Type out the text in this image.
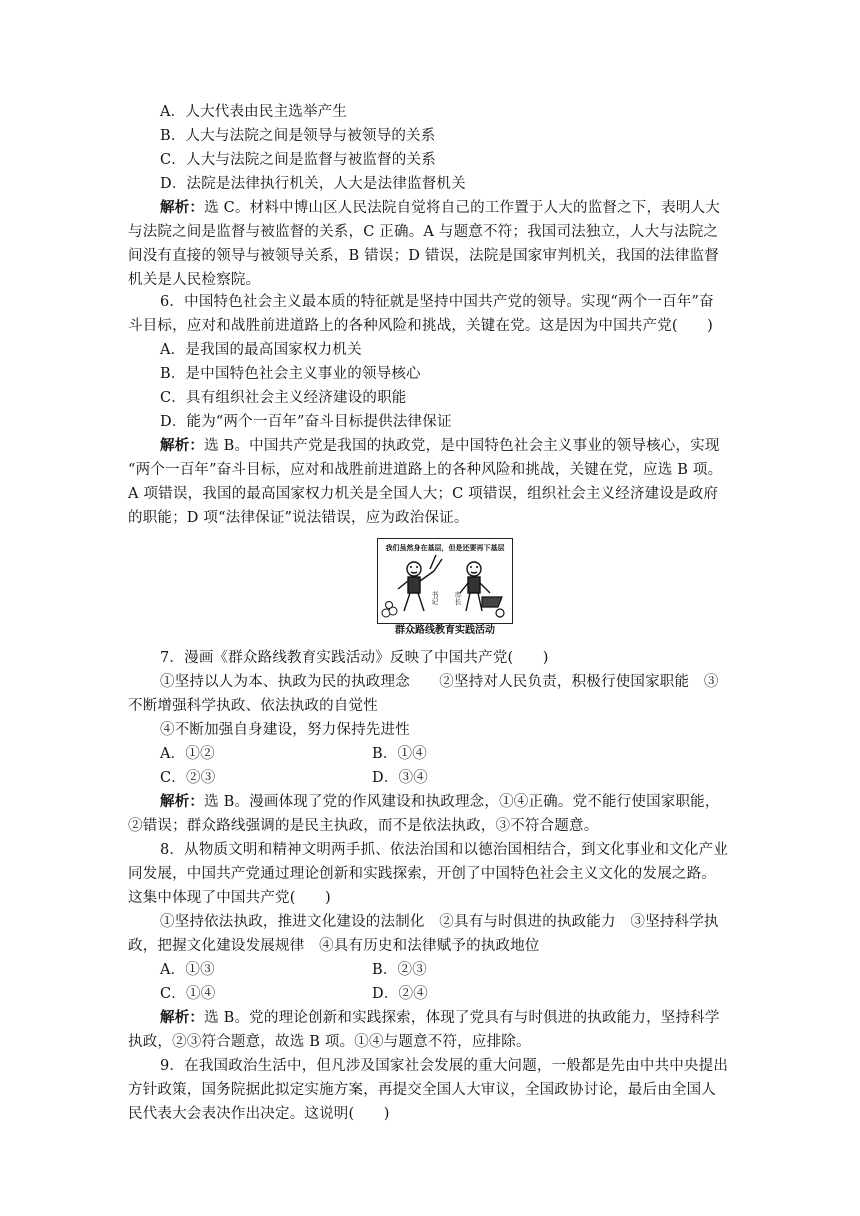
A．人大代表由民主选举产生
B．人大与法院之间是领导与被领导的关系
C．人大与法院之间是监督与被监督的关系
D．法院是法律执行机关，人大是法律监督机关
解析：选 C。材料中博山区人民法院自觉将自己的工作置于人大的监督之下，表明人大
与法院之间是监督与被监督的关系，C 正确。A 与题意不符；我国司法独立，人大与法院之
间没有直接的领导与被领导关系，B 错误；D 错误，法院是国家审判机关，我国的法律监督
机关是人民检察院。
6．中国特色社会主义最本质的特征就是坚持中国共产党的领导。实现“两个一百年”奋
斗目标，应对和战胜前进道路上的各种风险和挑战，关键在党。这是因为中国共产党(　　)
A．是我国的最高国家权力机关
B．是中国特色社会主义事业的领导核心
C．具有组织社会主义经济建设的职能
D．能为“两个一百年”奋斗目标提供法律保证
解析：选 B。中国共产党是我国的执政党，是中国特色社会主义事业的领导核心，实现
“两个一百年”奋斗目标，应对和战胜前进道路上的各种风险和挑战，关键在党，应选 B 项。
A 项错误，我国的最高国家权力机关是全国人大；C 项错误，组织社会主义经济建设是政府
的职能；D 项“法律保证”说法错误，应为政治保证。
我们虽然身在基层，但是还要再下基层
书记 市长
群众路线教育实践活动
7．漫画《群众路线教育实践活动》反映了中国共产党(　　)
①坚持以人为本、执政为民的执政理念　　②坚持对人民负责，积极行使国家职能　③
不断增强科学执政、依法执政的自觉性
④不断加强自身建设，努力保持先进性
A．①②	B．①④
C．②③	D．③④
解析：选 B。漫画体现了党的作风建设和执政理念，①④正确。党不能行使国家职能，
②错误；群众路线强调的是民主执政，而不是依法执政，③不符合题意。
8．从物质文明和精神文明两手抓、依法治国和以德治国相结合，到文化事业和文化产业
同发展，中国共产党通过理论创新和实践探索，开创了中国特色社会主义文化的发展之路。
这集中体现了中国共产党(　　)
①坚持依法执政，推进文化建设的法制化　②具有与时俱进的执政能力　③坚持科学执
政，把握文化建设发展规律　④具有历史和法律赋予的执政地位
A．①③	B．②③
C．①④	D．②④
解析：选 B。党的理论创新和实践探索，体现了党具有与时俱进的执政能力，坚持科学
执政，②③符合题意，故选 B 项。①④与题意不符，应排除。
9．在我国政治生活中，但凡涉及国家社会发展的重大问题，一般都是先由中共中央提出
方针政策，国务院据此拟定实施方案，再提交全国人大审议，全国政协讨论，最后由全国人
民代表大会表决作出决定。这说明(　　)
